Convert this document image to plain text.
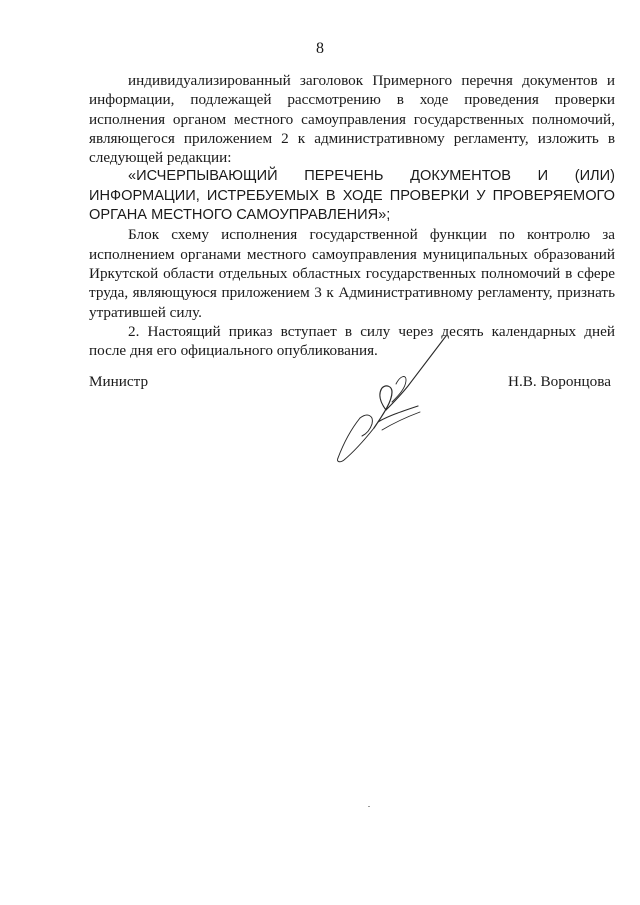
8

индивидуализированный заголовок Примерного перечня документов и информации, подлежащей рассмотрению в ходе проведения проверки исполнения органом местного самоуправления государственных полномочий, являющегося приложением 2 к административному регламенту, изложить в следующей редакции:

«ИСЧЕРПЫВАЮЩИЙ ПЕРЕЧЕНЬ ДОКУМЕНТОВ И (ИЛИ) ИНФОРМАЦИИ, ИСТРЕБУЕМЫХ В ХОДЕ ПРОВЕРКИ У ПРОВЕРЯЕМОГО ОРГАНА МЕСТНОГО САМОУПРАВЛЕНИЯ»;

Блок схему исполнения государственной функции по контролю за исполнением органами местного самоуправления муниципальных образований Иркутской области отдельных областных государственных полномочий в сфере труда, являющуюся приложением 3 к Административному регламенту, признать утратившей силу.

2. Настоящий приказ вступает в силу через десять календарных дней после дня его официального опубликования.

Министр	Н.В. Воронцова
